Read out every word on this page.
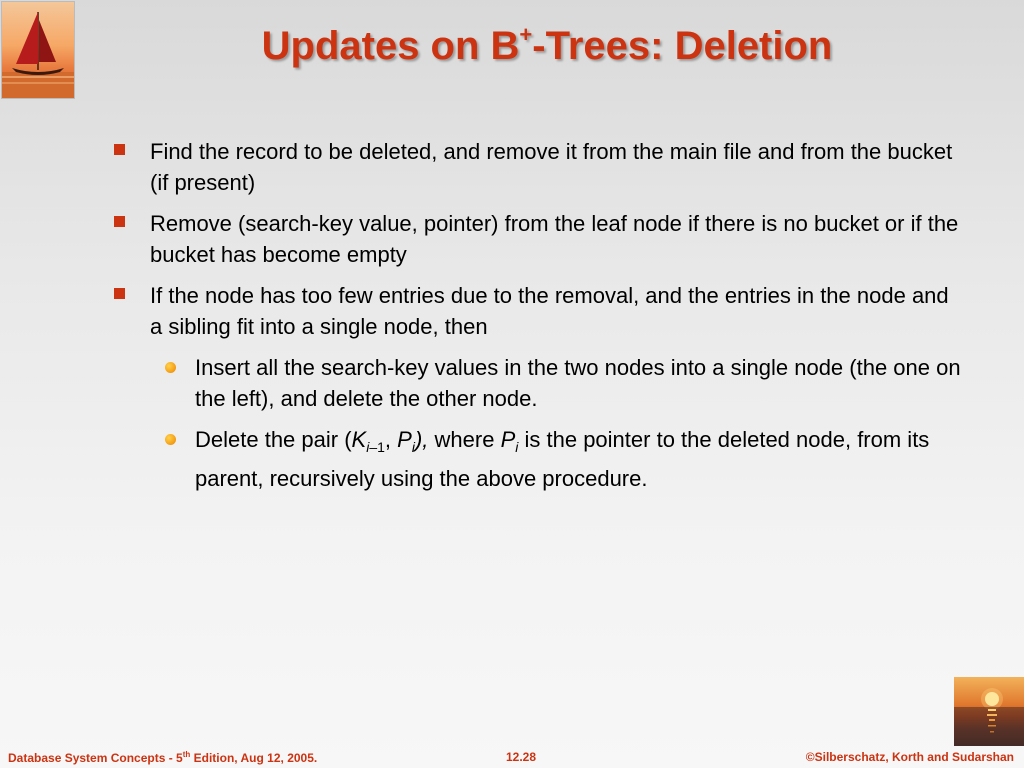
Updates on B+-Trees: Deletion
Find the record to be deleted, and remove it from the main file and from the bucket (if present)
Remove (search-key value, pointer) from the leaf node if there is no bucket or if the bucket has become empty
If the node has too few entries due to the removal, and the entries in the node and a sibling fit into a single node, then
Insert all the search-key values in the two nodes into a single node (the one on the left), and delete the other node.
Delete the pair ($K_{i-1}$, $P_i$), where $P_i$ is the pointer to the deleted node, from its parent, recursively using the above procedure.
Database System Concepts - 5th Edition, Aug 12, 2005.	12.28	©Silberschatz, Korth and Sudarshan
